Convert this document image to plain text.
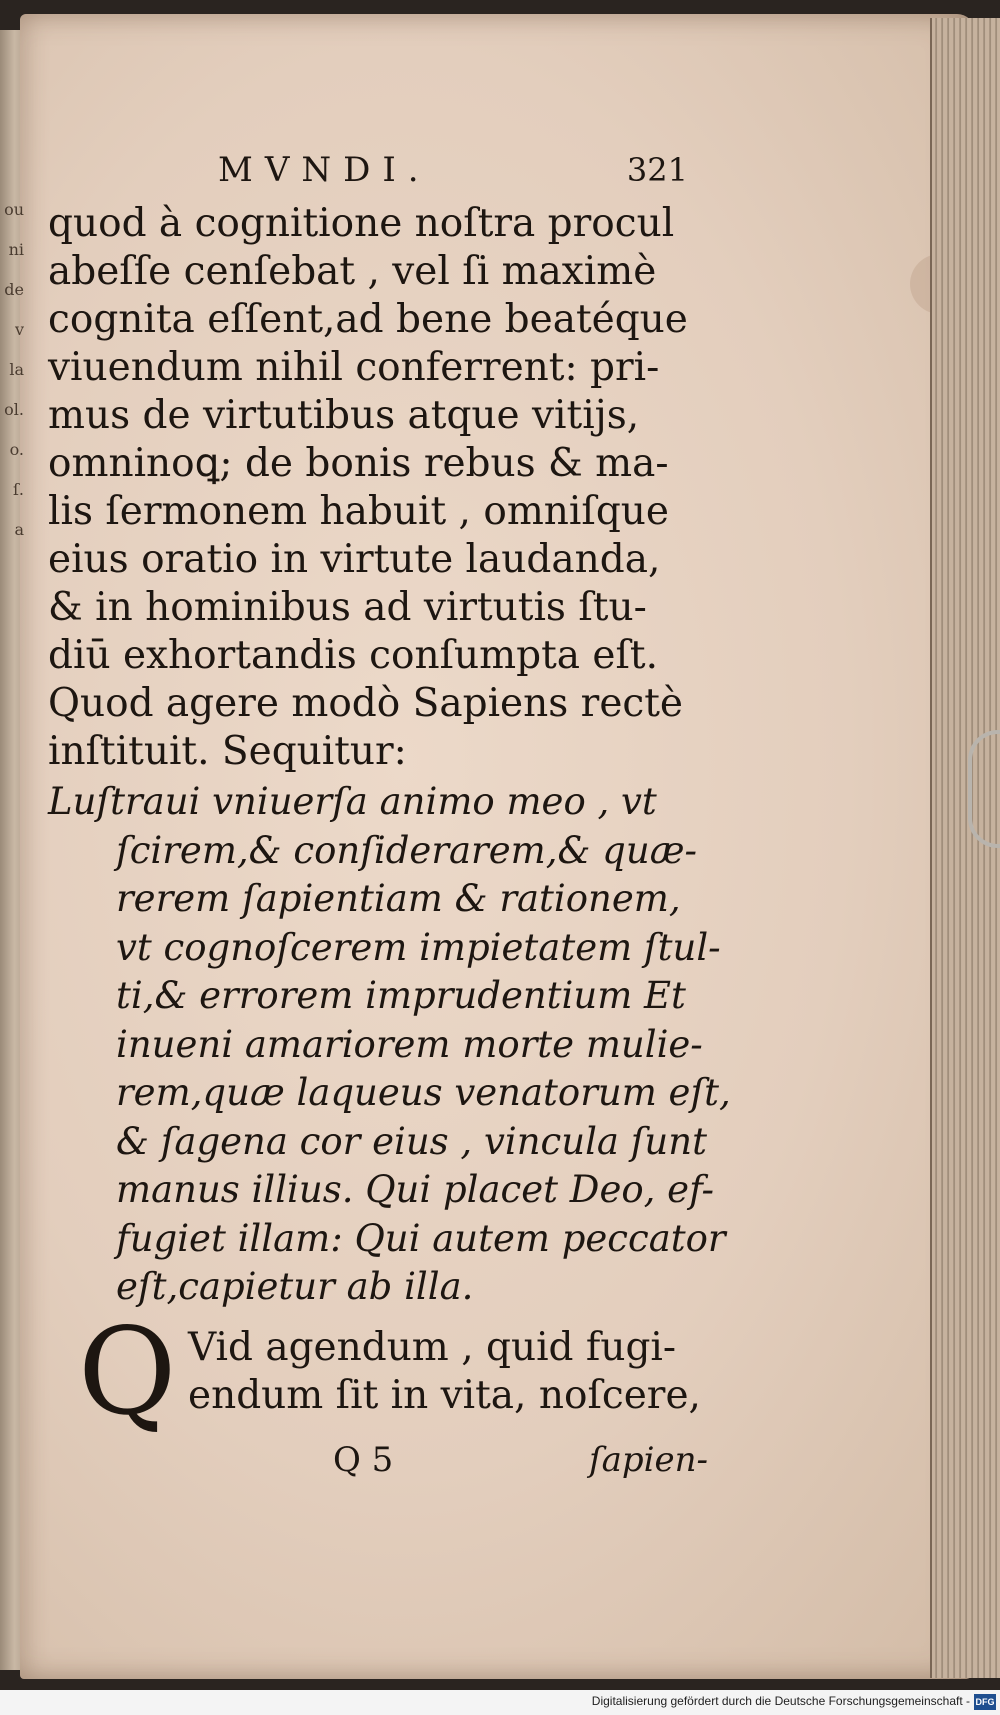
ou
ni
de
v
la
ol.
o.
ſ.
a
MVNDI.	321
quod à cognitione noſtra procul
abeſſe cenſebat , vel ſi maximè
cognita eſſent,ad bene beatéque
viuendum nihil conferrent: pri-
mus de virtutibus atque vitijs,
omninoꝗ; de bonis rebus & ma-
lis ſermonem habuit , omniſque
eius oratio in virtute laudanda,
& in hominibus ad virtutis ſtu-
diū exhortandis conſumpta eſt.
Quod agere modò Sapiens rectè
inſtituit. Sequitur:
Luſtraui vniuerſa animo meo , vt
ſcirem,& conſiderarem,& quæ-
rerem ſapientiam & rationem,
vt cognoſcerem impietatem ſtul-
ti,& errorem imprudentium Et
inueni amariorem morte mulie-
rem,quæ laqueus venatorum eſt,
& ſagena cor eius , vincula ſunt
manus illius. Qui placet Deo, ef-
fugiet illam: Qui autem peccator
eſt,capietur ab illa.
Q Vid agendum , quid fugi-
endum ſit in vita, noſcere,
Q 5	ſapien-
Digitalisierung gefördert durch die Deutsche Forschungsgemeinschaft - DFG
